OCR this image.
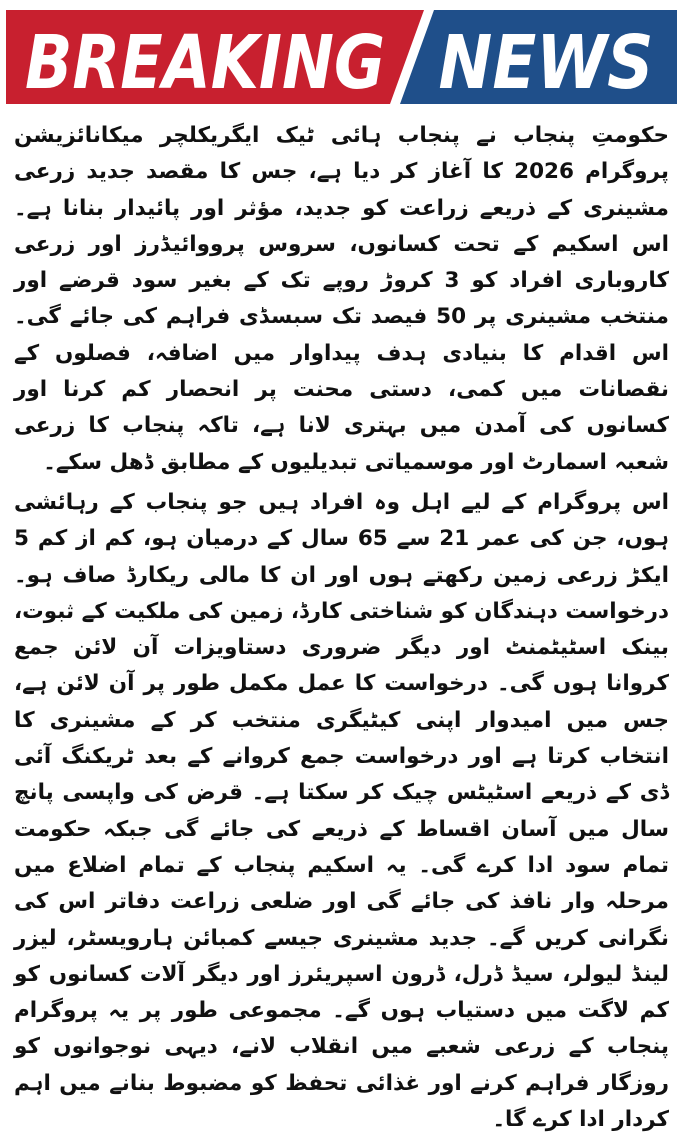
BREAKING NEWS

حکومتِ پنجاب نے پنجاب ہائی ٹیک ایگریکلچر میکانائزیشن پروگرام 2026 کا آغاز کر دیا ہے، جس کا مقصد جدید زرعی مشینری کے ذریعے زراعت کو جدید، مؤثر اور پائیدار بنانا ہے۔ اس اسکیم کے تحت کسانوں، سروس پرووائیڈرز اور زرعی کاروباری افراد کو 3 کروڑ روپے تک کے بغیر سود قرضے اور منتخب مشینری پر 50 فیصد تک سبسڈی فراہم کی جائے گی۔ اس اقدام کا بنیادی ہدف پیداوار میں اضافہ، فصلوں کے نقصانات میں کمی، دستی محنت پر انحصار کم کرنا اور کسانوں کی آمدن میں بہتری لانا ہے، تاکہ پنجاب کا زرعی شعبہ اسمارٹ اور موسمیاتی تبدیلیوں کے مطابق ڈھل سکے۔

اس پروگرام کے لیے اہل وہ افراد ہیں جو پنجاب کے رہائشی ہوں، جن کی عمر 21 سے 65 سال کے درمیان ہو، کم از کم 5 ایکڑ زرعی زمین رکھتے ہوں اور ان کا مالی ریکارڈ صاف ہو۔ درخواست دہندگان کو شناختی کارڈ، زمین کی ملکیت کے ثبوت، بینک اسٹیٹمنٹ اور دیگر ضروری دستاویزات آن لائن جمع کروانا ہوں گی۔ درخواست کا عمل مکمل طور پر آن لائن ہے، جس میں امیدوار اپنی کیٹیگری منتخب کر کے مشینری کا انتخاب کرتا ہے اور درخواست جمع کروانے کے بعد ٹریکنگ آئی ڈی کے ذریعے اسٹیٹس چیک کر سکتا ہے۔ قرض کی واپسی پانچ سال میں آسان اقساط کے ذریعے کی جائے گی جبکہ حکومت تمام سود ادا کرے گی۔ یہ اسکیم پنجاب کے تمام اضلاع میں مرحلہ وار نافذ کی جائے گی اور ضلعی زراعت دفاتر اس کی نگرانی کریں گے۔ جدید مشینری جیسے کمبائن ہارویسٹر، لیزر لینڈ لیولر، سیڈ ڈرل، ڈرون اسپریئرز اور دیگر آلات کسانوں کو کم لاگت میں دستیاب ہوں گے۔ مجموعی طور پر یہ پروگرام پنجاب کے زرعی شعبے میں انقلاب لانے، دیہی نوجوانوں کو روزگار فراہم کرنے اور غذائی تحفظ کو مضبوط بنانے میں اہم کردار ادا کرے گا۔
